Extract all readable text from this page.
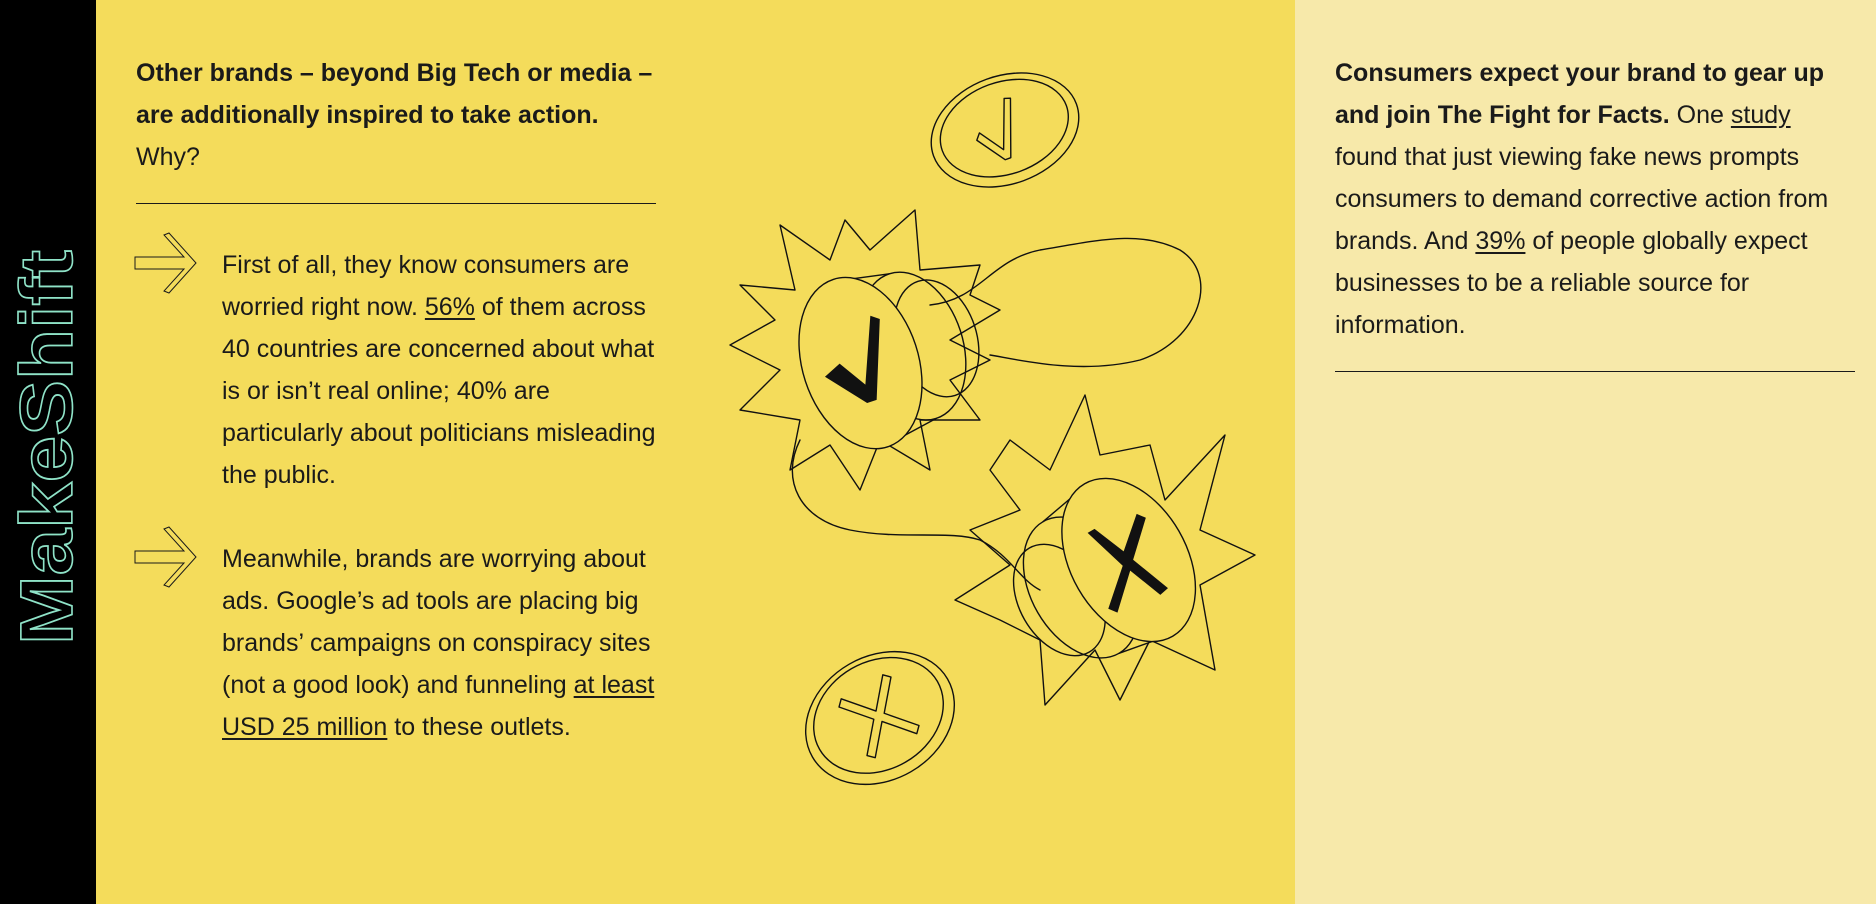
MakeShift
Other brands – beyond Big Tech or media – are additionally inspired to take action.
Why?
First of all, they know consumers are worried right now. 56% of them across 40 countries are concerned about what is or isn’t real online; 40% are particularly about politicians misleading the public.
Meanwhile, brands are worrying about ads. Google’s ad tools are placing big brands’ campaigns on conspiracy sites (not a good look) and funneling at least USD 25 million to these outlets.
Consumers expect your brand to gear up and join The Fight for Facts. One study found that just viewing fake news prompts consumers to demand corrective action from brands. And 39% of people globally expect businesses to be a reliable source for information.
